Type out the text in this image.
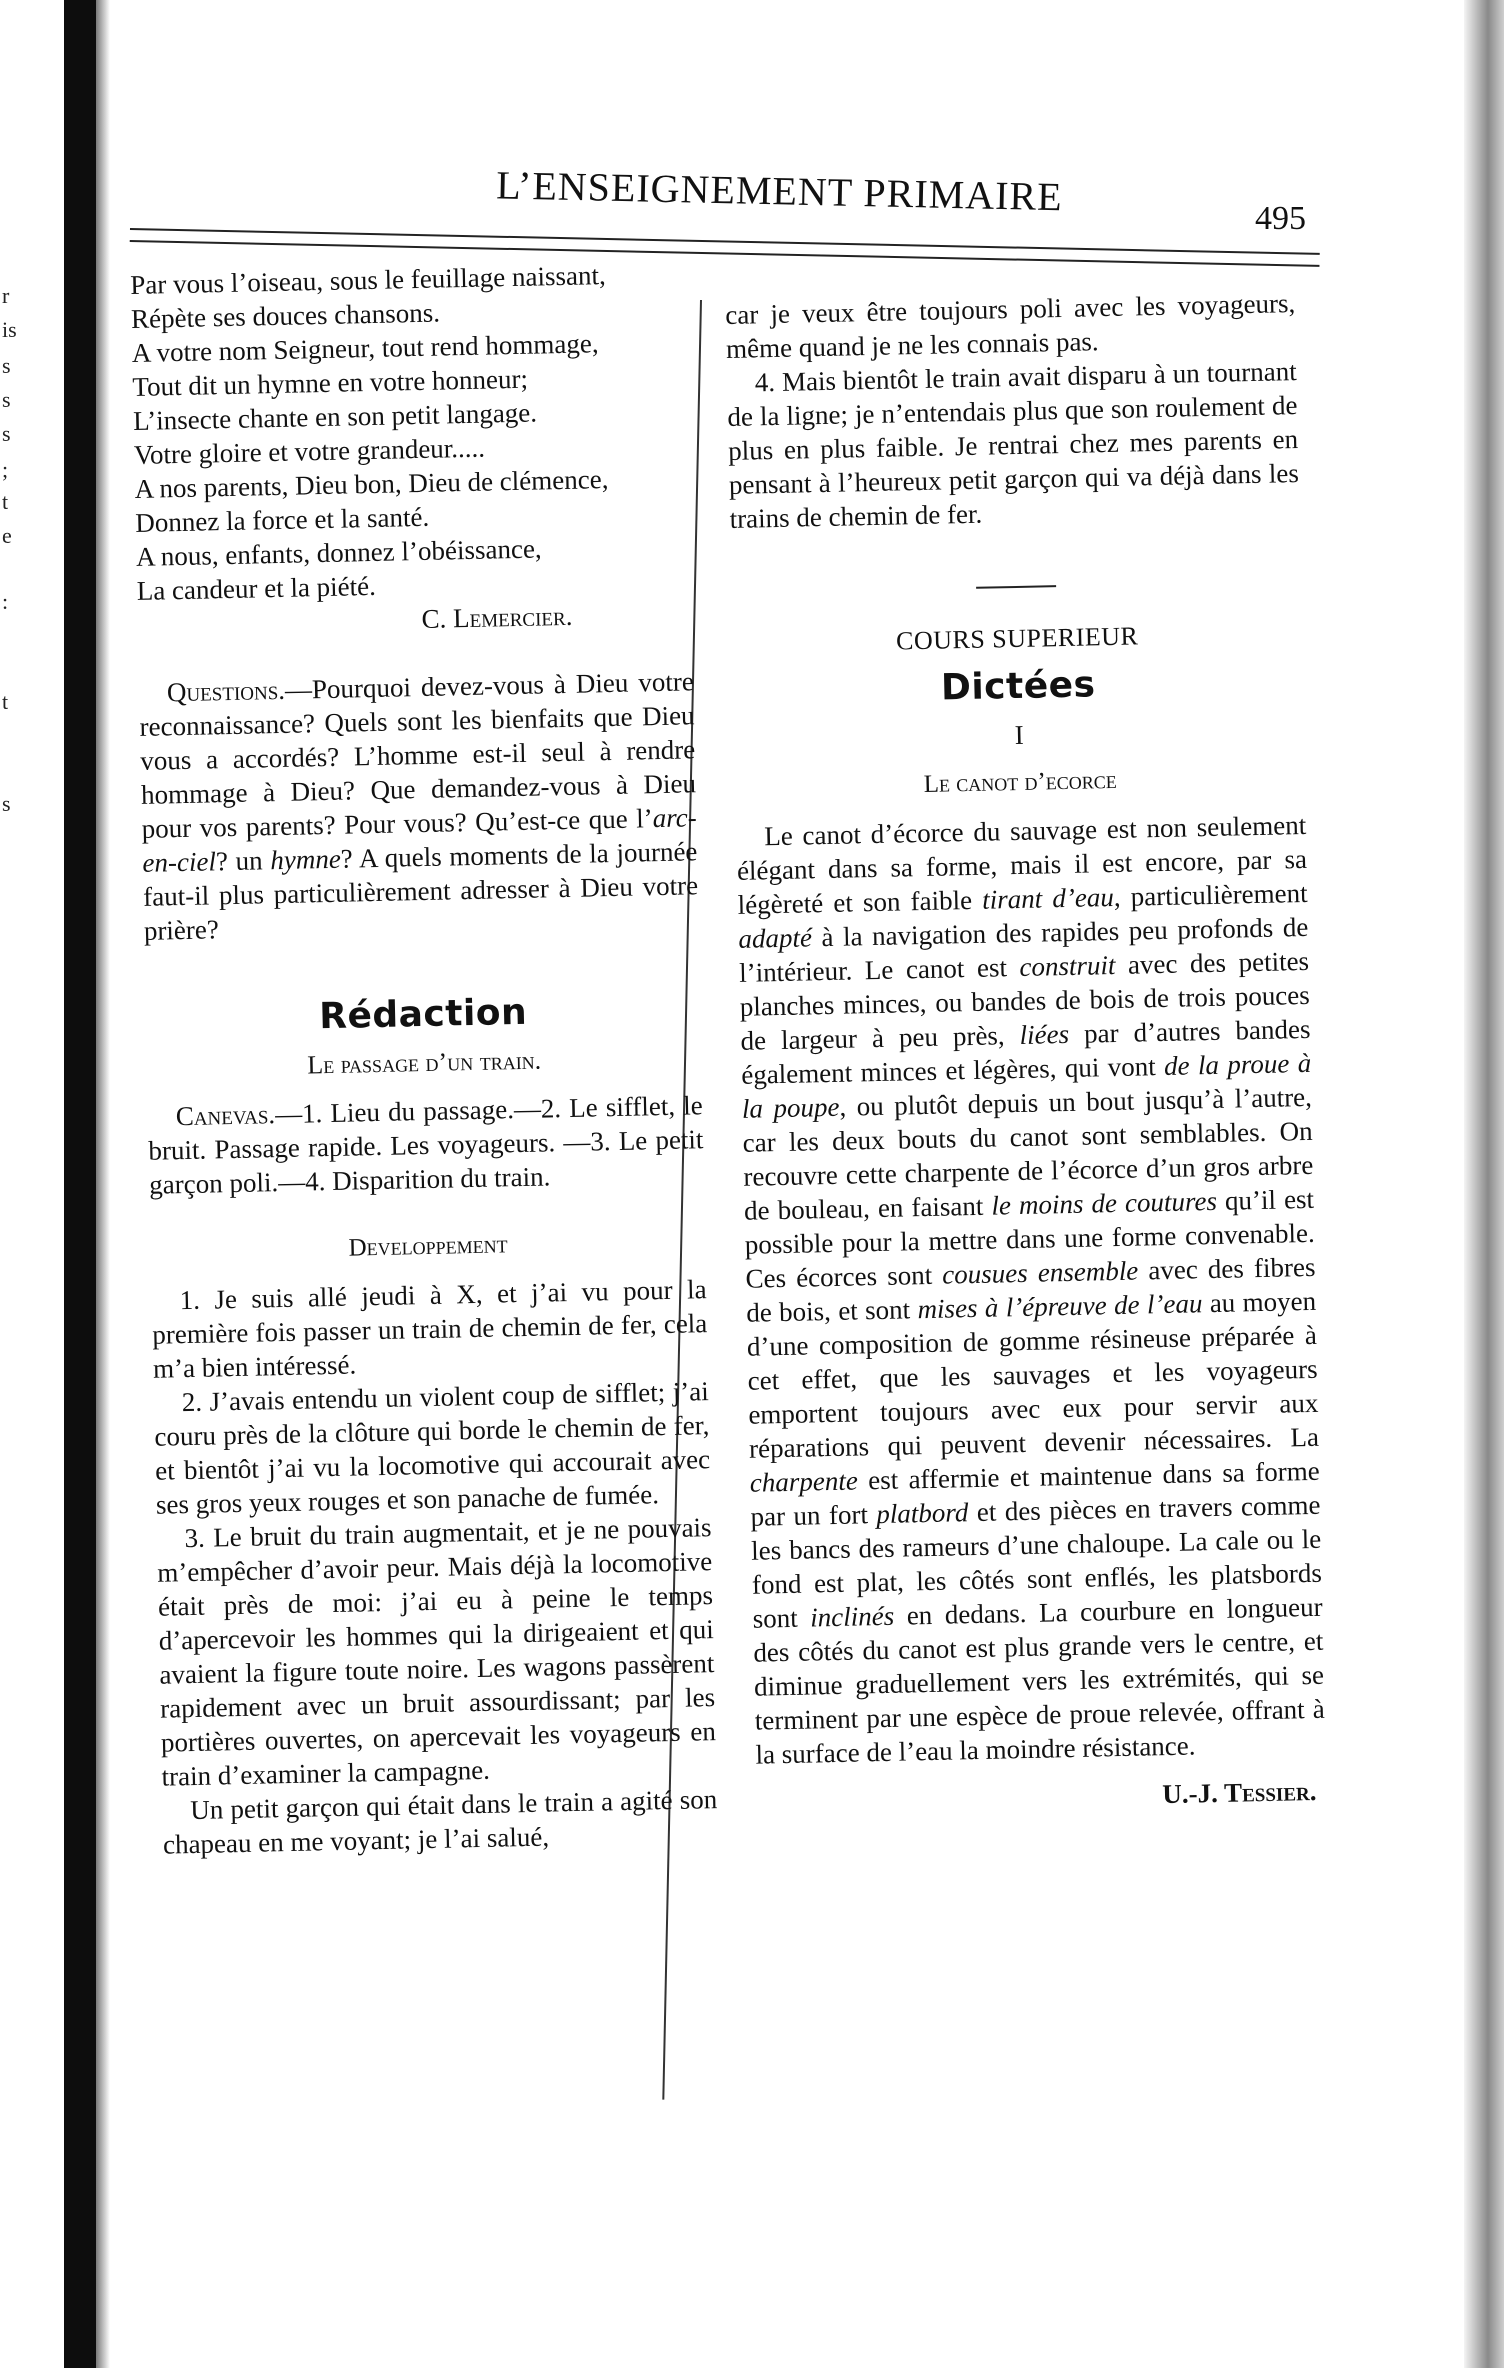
r
is
s
s
s
;
t
e
:
t
s
L’ENSEIGNEMENT PRIMAIRE	495
Par vous l’oiseau, sous le feuillage naissant,
Répète ses douces chansons.
A votre nom Seigneur, tout rend hommage,
Tout dit un hymne en votre honneur;
L’insecte chante en son petit langage.
Votre gloire et votre grandeur.....
A nos parents, Dieu bon, Dieu de clémence,
Donnez la force et la santé.
A nous, enfants, donnez l’obéissance,
La candeur et la piété.
C. Lemercier.
Questions.—Pourquoi devez-vous à Dieu votre reconnaissance? Quels sont les bienfaits que Dieu vous a accordés? L’homme est-il seul à rendre hommage à Dieu? Que demandez-vous à Dieu pour vos parents? Pour vous? Qu’est-ce que l’arc-en-ciel? un hymne? A quels moments de la journée faut-il plus particulièrement adresser à Dieu votre prière?
Rédaction
Le passage d’un train.
Canevas.—1. Lieu du passage.—2. Le sifflet, le bruit. Passage rapide. Les voyageurs. —3. Le petit garçon poli.—4. Disparition du train.
Developpement
1. Je suis allé jeudi à X, et j’ai vu pour la première fois passer un train de chemin de fer, cela m’a bien intéressé.
2. J’avais entendu un violent coup de sifflet; j’ai couru près de la clôture qui borde le chemin de fer, et bientôt j’ai vu la locomotive qui accourait avec ses gros yeux rouges et son panache de fumée.
3. Le bruit du train augmentait, et je ne pouvais m’empêcher d’avoir peur. Mais déjà la locomotive était près de moi: j’ai eu à peine le temps d’apercevoir les hommes qui la dirigeaient et qui avaient la figure toute noire. Les wagons passèrent rapidement avec un bruit assourdissant; par les portières ouvertes, on apercevait les voyageurs en train d’examiner la campagne.
Un petit garçon qui était dans le train a agité son chapeau en me voyant; je l’ai salué,
car je veux être toujours poli avec les voyageurs, même quand je ne les connais pas.
4. Mais bientôt le train avait disparu à un tournant de la ligne; je n’entendais plus que son roulement de plus en plus faible. Je rentrai chez mes parents en pensant à l’heureux petit garçon qui va déjà dans les trains de chemin de fer.
COURS SUPERIEUR
Dictées
I
Le canot d’ecorce
Le canot d’écorce du sauvage est non seulement élégant dans sa forme, mais il est encore, par sa légèreté et son faible tirant d’eau, particulièrement adapté à la navigation des rapides peu profonds de l’intérieur. Le canot est construit avec des petites planches minces, ou bandes de bois de trois pouces de largeur à peu près, liées par d’autres bandes également minces et légères, qui vont de la proue à la poupe, ou plutôt depuis un bout jusqu’à l’autre, car les deux bouts du canot sont semblables. On recouvre cette charpente de l’écorce d’un gros arbre de bouleau, en faisant le moins de coutures qu’il est possible pour la mettre dans une forme convenable. Ces écorces sont cousues ensemble avec des fibres de bois, et sont mises à l’épreuve de l’eau au moyen d’une composition de gomme résineuse préparée à cet effet, que les sauvages et les voyageurs emportent toujours avec eux pour servir aux réparations qui peuvent devenir nécessaires. La charpente est affermie et maintenue dans sa forme par un fort platbord et des pièces en travers comme les bancs des rameurs d’une chaloupe. La cale ou le fond est plat, les côtés sont enflés, les platsbords sont inclinés en dedans. La courbure en longueur des côtés du canot est plus grande vers le centre, et diminue graduellement vers les extrémités, qui se terminent par une espèce de proue relevée, offrant à la surface de l’eau la moindre résistance.
U.-J. Tessier.
